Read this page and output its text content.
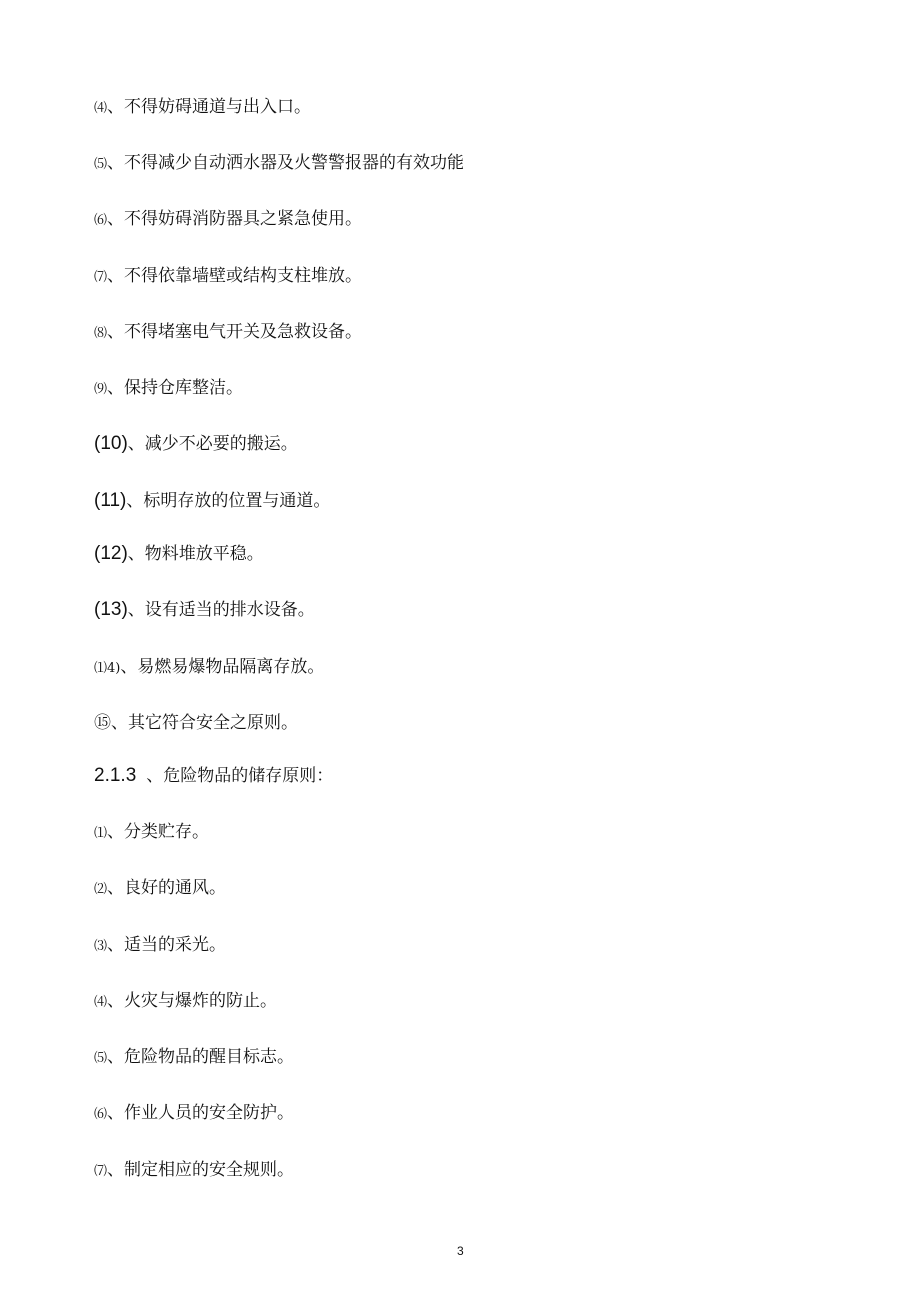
⑷、不得妨碍通道与出入口。
⑸、不得减少自动洒水器及火警警报器的有效功能
⑹、不得妨碍消防器具之紧急使用。
⑺、不得依靠墙壁或结构支柱堆放。
⑻、不得堵塞电气开关及急救设备。
⑼、保持仓库整洁。
(10)、减少不必要的搬运。
(11)、标明存放的位置与通道。
(12)、物料堆放平稳。
(13)、设有适当的排水设备。
⑴4)、易燃易爆物品隔离存放。
⑮、其它符合安全之原则。
2.1.3 、危险物品的储存原则：
⑴、分类贮存。
⑵、良好的通风。
⑶、适当的采光。
⑷、火灾与爆炸的防止。
⑸、危险物品的醒目标志。
⑹、作业人员的安全防护。
⑺、制定相应的安全规则。
3
